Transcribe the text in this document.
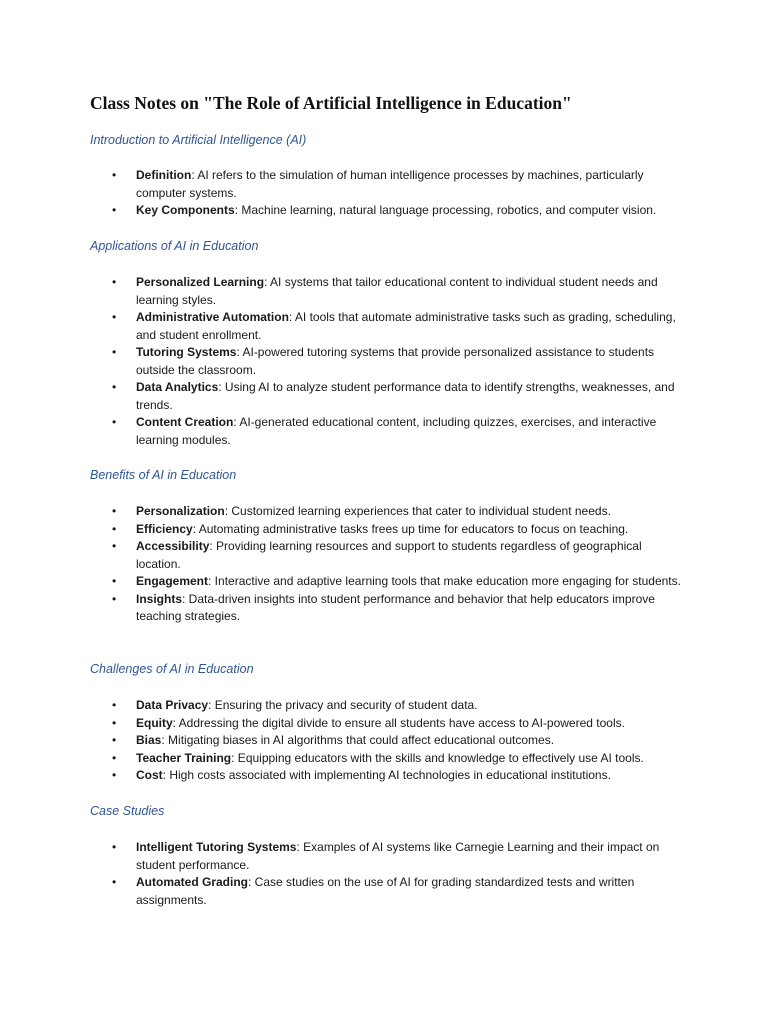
Class Notes on "The Role of Artificial Intelligence in Education"
Introduction to Artificial Intelligence (AI)
•	Definition: AI refers to the simulation of human intelligence processes by machines, particularly computer systems.
•	Key Components: Machine learning, natural language processing, robotics, and computer vision.
Applications of AI in Education
•	Personalized Learning: AI systems that tailor educational content to individual student needs and learning styles.
•	Administrative Automation: AI tools that automate administrative tasks such as grading, scheduling, and student enrollment.
•	Tutoring Systems: AI-powered tutoring systems that provide personalized assistance to students outside the classroom.
•	Data Analytics: Using AI to analyze student performance data to identify strengths, weaknesses, and trends.
•	Content Creation: AI-generated educational content, including quizzes, exercises, and interactive learning modules.
Benefits of AI in Education
•	Personalization: Customized learning experiences that cater to individual student needs.
•	Efficiency: Automating administrative tasks frees up time for educators to focus on teaching.
•	Accessibility: Providing learning resources and support to students regardless of geographical location.
•	Engagement: Interactive and adaptive learning tools that make education more engaging for students.
•	Insights: Data-driven insights into student performance and behavior that help educators improve teaching strategies.
Challenges of AI in Education
•	Data Privacy: Ensuring the privacy and security of student data.
•	Equity: Addressing the digital divide to ensure all students have access to AI-powered tools.
•	Bias: Mitigating biases in AI algorithms that could affect educational outcomes.
•	Teacher Training: Equipping educators with the skills and knowledge to effectively use AI tools.
•	Cost: High costs associated with implementing AI technologies in educational institutions.
Case Studies
•	Intelligent Tutoring Systems: Examples of AI systems like Carnegie Learning and their impact on student performance.
•	Automated Grading: Case studies on the use of AI for grading standardized tests and written assignments.
